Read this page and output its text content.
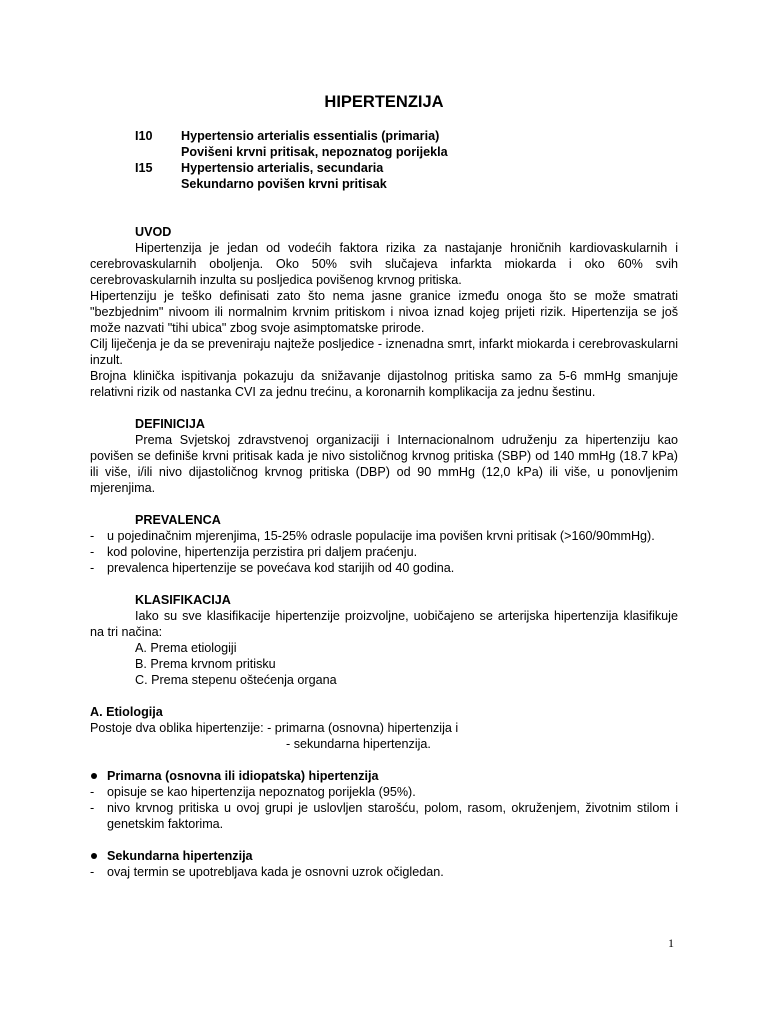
HIPERTENZIJA
I10 Hypertensio arterialis essentialis (primaria)
Povišeni krvni pritisak, nepoznatog porijekla
I15 Hypertensio arterialis, secundaria
Sekundarno povišen krvni pritisak
UVOD

Hipertenzija je jedan od vodećih faktora rizika za nastajanje hroničnih kardiovaskularnih i cerebrovaskularnih oboljenja. Oko 50% svih slučajeva infarkta miokarda i oko 60% svih cerebrovaskularnih inzulta su posljedica povišenog krvnog pritiska.

Hipertenziju je teško definisati zato što nema jasne granice između onoga što se može smatrati "bezbjednim" nivoom ili normalnim krvnim pritiskom i nivoa iznad kojeg prijeti rizik. Hipertenzija se još može nazvati "tihi ubica" zbog svoje asimptomatske prirode.

Cilj liječenja je da se preveniraju najteže posljedice - iznenadna smrt, infarkt miokarda i cerebrovaskularni inzult.

Brojna klinička ispitivanja pokazuju da snižavanje dijastolnog pritiska samo za 5-6 mmHg smanjuje relativni rizik od nastanka CVI za jednu trećinu, a koronarnih komplikacija za jednu šestinu.

DEFINICIJA

Prema Svjetskoj zdravstvenoj organizaciji i Internacionalnom udruženju za hipertenziju kao povišen se definiše krvni pritisak kada je nivo sistoličnog krvnog pritiska (SBP) od 140 mmHg (18.7 kPa) ili više, i/ili nivo dijastoličnog krvnog pritiska (DBP) od 90 mmHg (12,0 kPa) ili više, u ponovljenim mjerenjima.

PREVALENCA
- u pojedinačnim mjerenjima, 15-25% odrasle populacije ima povišen krvni pritisak (>160/90mmHg).
- kod polovine, hipertenzija perzistira pri daljem praćenju.
- prevalenca hipertenzije se povećava kod starijih od 40 godina.
KLASIFIKACIJA

Iako su sve klasifikacije hipertenzije proizvoljne, uobičajeno se arterijska hipertenzija klasifikuje na tri načina:

A. Prema etiologiji
B. Prema krvnom pritisku
C. Prema stepenu oštećenja organa
A. Etiologija
Postoje dva oblika hipertenzije: - primarna (osnovna) hipertenzija i
- sekundarna hipertenzija.
Primarna (osnovna ili idiopatska) hipertenzija
- opisuje se kao hipertenzija nepoznatog porijekla (95%).
- nivo krvnog pritiska u ovoj grupi je uslovljen starošću, polom, rasom, okruženjem, životnim stilom i genetskim faktorima.
Sekundarna hipertenzija
- ovaj termin se upotrebljava kada je osnovni uzrok očigledan.
1
